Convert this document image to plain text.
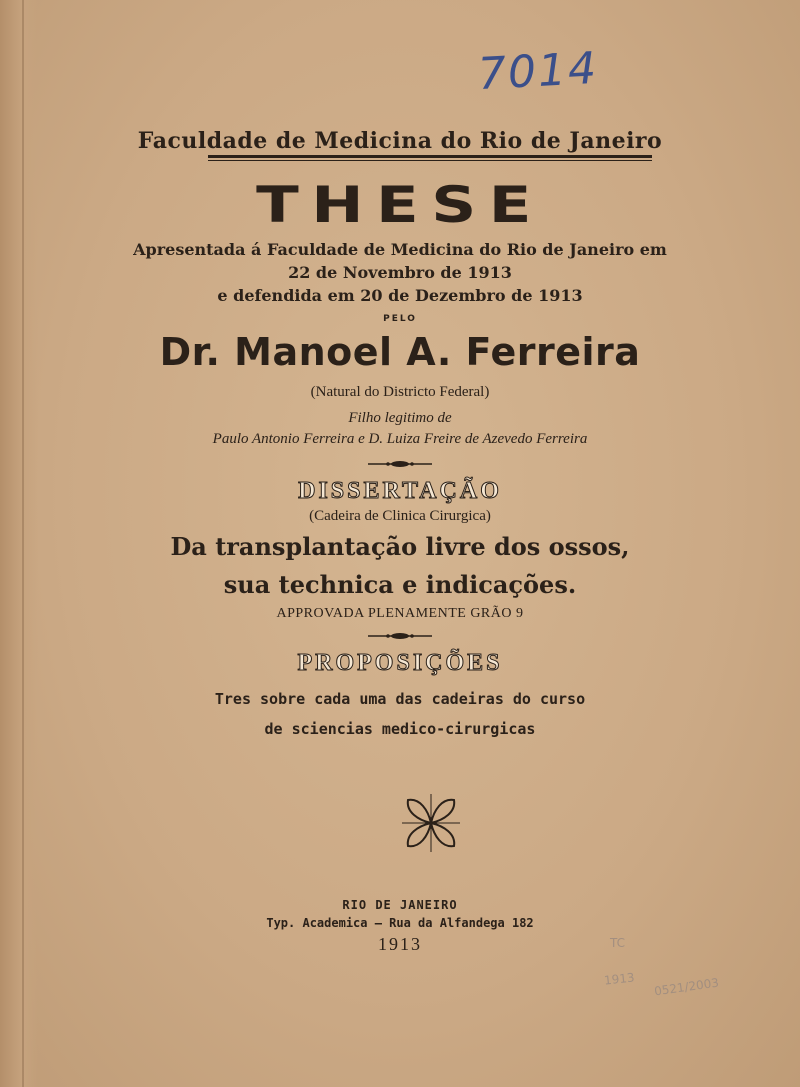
7014
Faculdade de Medicina do Rio de Janeiro
THESE
Apresentada á Faculdade de Medicina do Rio de Janeiro em
22 de Novembro de 1913
e defendida em 20 de Dezembro de 1913
PELO
Dr. Manoel A. Ferreira
(Natural do Districto Federal)
Filho legitimo de
Paulo Antonio Ferreira e D. Luiza Freire de Azevedo Ferreira
DISSERTAÇÃO
(Cadeira de Clinica Cirurgica)
Da transplantação livre dos ossos,
sua technica e indicações.
APPROVADA PLENAMENTE GRÃO 9
PROPOSIÇÕES
Tres sobre cada uma das cadeiras do curso
de sciencias medico-cirurgicas
RIO DE JANEIRO
Typ. Academica — Rua da Alfandega 182
1913	TC
1913 0521/2003
